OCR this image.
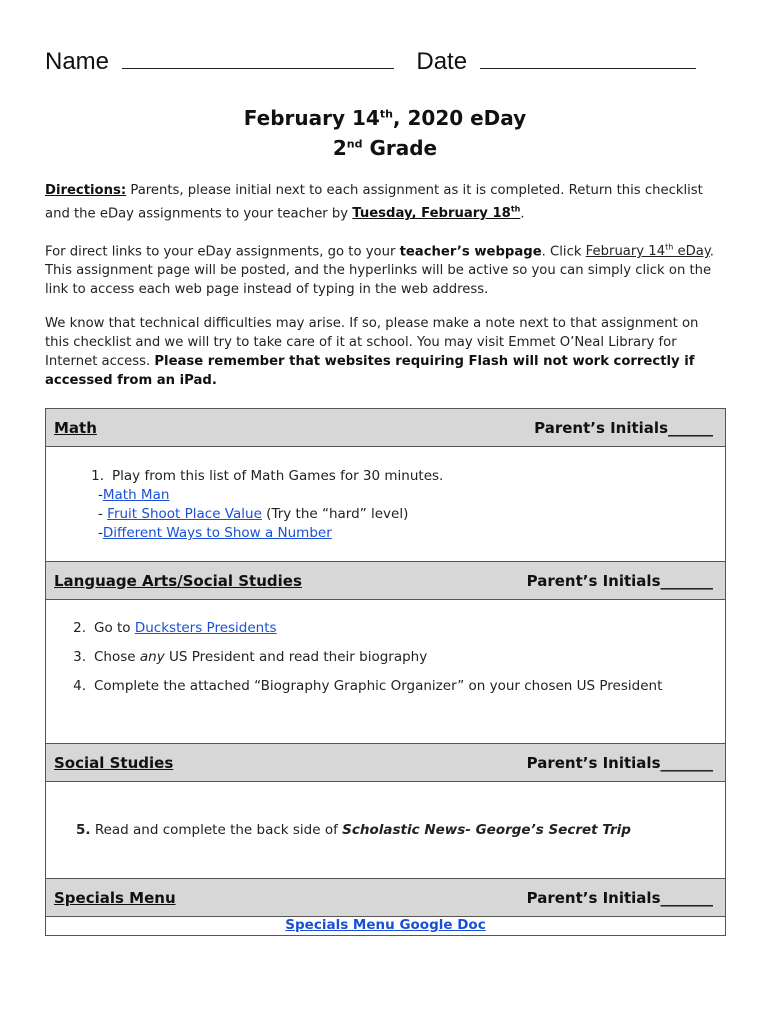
Name	Date
February 14th, 2020 eDay
2nd Grade
Directions: Parents, please initial next to each assignment as it is completed. Return this checklist and the eDay assignments to your teacher by Tuesday, February 18th.
For direct links to your eDay assignments, go to your teacher’s webpage. Click February 14th eDay. This assignment page will be posted, and the hyperlinks will be active so you can simply click on the link to access each web page instead of typing in the web address.
We know that technical difficulties may arise. If so, please make a note next to that assignment on this checklist and we will try to take care of it at school. You may visit Emmet O’Neal Library for Internet access. Please remember that websites requiring Flash will not work correctly if accessed from an iPad.
Math	Parent’s Initials______

1. Play from this list of Math Games for 30 minutes.
-Math Man
- Fruit Shoot Place Value (Try the “hard” level)
-Different Ways to Show a Number

Language Arts/Social Studies	Parent’s Initials_______

2. Go to Ducksters Presidents
3. Chose any US President and read their biography
4. Complete the attached “Biography Graphic Organizer” on your chosen US President

Social Studies	Parent’s Initials_______

5. Read and complete the back side of Scholastic News- George’s Secret Trip

Specials Menu	Parent’s Initials_______

Specials Menu Google Doc
